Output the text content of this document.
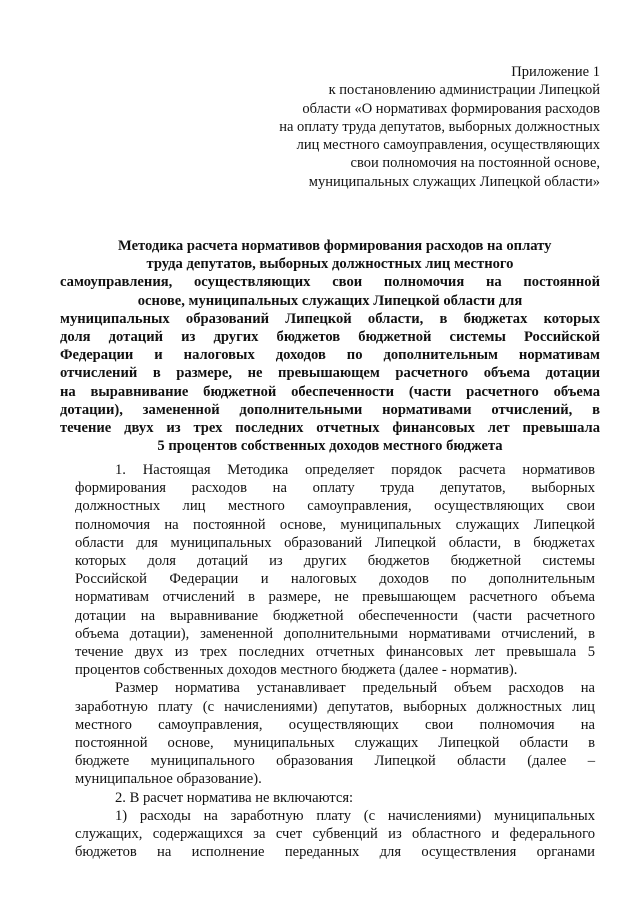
Приложение 1
к постановлению администрации Липецкой
области «О нормативах формирования расходов
на оплату труда депутатов, выборных должностных
лиц местного самоуправления, осуществляющих
свои полномочия на постоянной основе,
муниципальных служащих Липецкой области»
Методика расчета нормативов формирования расходов на оплату
труда депутатов, выборных должностных лиц местного
самоуправления, осуществляющих свои полномочия на постоянной
основе, муниципальных служащих Липецкой области для
муниципальных образований Липецкой области, в бюджетах которых
доля дотаций из других бюджетов бюджетной системы Российской
Федерации и налоговых доходов по дополнительным нормативам
отчислений в размере, не превышающем расчетного объема дотации
на выравнивание бюджетной обеспеченности (части расчетного объема
дотации), замененной дополнительными нормативами отчислений, в
течение двух из трех последних отчетных финансовых лет превышала
5 процентов собственных доходов местного бюджета
1. Настоящая Методика определяет порядок расчета нормативов
формирования расходов на оплату труда депутатов, выборных
должностных лиц местного самоуправления, осуществляющих свои
полномочия на постоянной основе, муниципальных служащих Липецкой
области для муниципальных образований Липецкой области, в бюджетах
которых доля дотаций из других бюджетов бюджетной системы
Российской Федерации и налоговых доходов по дополнительным
нормативам отчислений в размере, не превышающем расчетного объема
дотации на выравнивание бюджетной обеспеченности (части расчетного
объема дотации), замененной дополнительными нормативами отчислений, в
течение двух из трех последних отчетных финансовых лет превышала 5
процентов собственных доходов местного бюджета (далее - норматив).
Размер норматива устанавливает предельный объем расходов на
заработную плату (с начислениями) депутатов, выборных должностных лиц
местного самоуправления, осуществляющих свои полномочия на
постоянной основе, муниципальных служащих Липецкой области в
бюджете муниципального образования Липецкой области (далее –
муниципальное образование).
2. В расчет норматива не включаются:
1) расходы на заработную плату (с начислениями) муниципальных
служащих, содержащихся за счет субвенций из областного и федерального
бюджетов на исполнение переданных для осуществления органами
